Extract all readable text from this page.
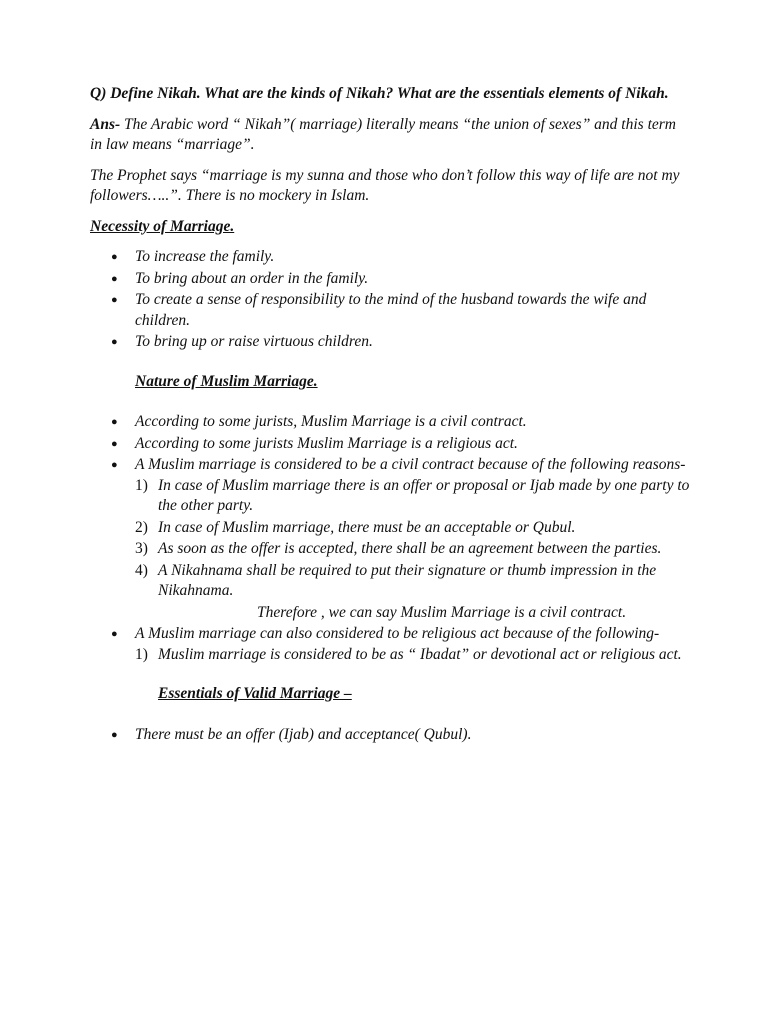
Q) Define Nikah. What are the kinds of Nikah? What are the essentials elements of Nikah.

Ans- The Arabic word “ Nikah”( marriage) literally means “the union of sexes” and this term in law means “marriage”.

The Prophet says “marriage is my sunna and those who don’t follow this way of life are not my followers…..”. There is no mockery in Islam.

Necessity of Marriage.

● To increase the family.
● To bring about an order in the family.
● To create a sense of responsibility to the mind of the husband towards the wife and children.
● To bring up or raise virtuous children.

Nature of Muslim Marriage.

● According to some jurists, Muslim Marriage is a civil contract.
● According to some jurists Muslim Marriage is a religious act.
● A Muslim marriage is considered to be a civil contract because of the following reasons-
1) In case of Muslim marriage there is an offer or proposal or Ijab made by one party to the other party.
2) In case of Muslim marriage, there must be an acceptable or Qubul.
3) As soon as the offer is accepted, there shall be an agreement between the parties.
4) A Nikahnama shall be required to put their signature or thumb impression in the Nikahnama.

Therefore , we can say Muslim Marriage is a civil contract.

● A Muslim marriage can also considered to be religious act because of the following-
1) Muslim marriage is considered to be as “ Ibadat” or devotional act or religious act.

Essentials of Valid Marriage –

● There must be an offer (Ijab) and acceptance( Qubul).
